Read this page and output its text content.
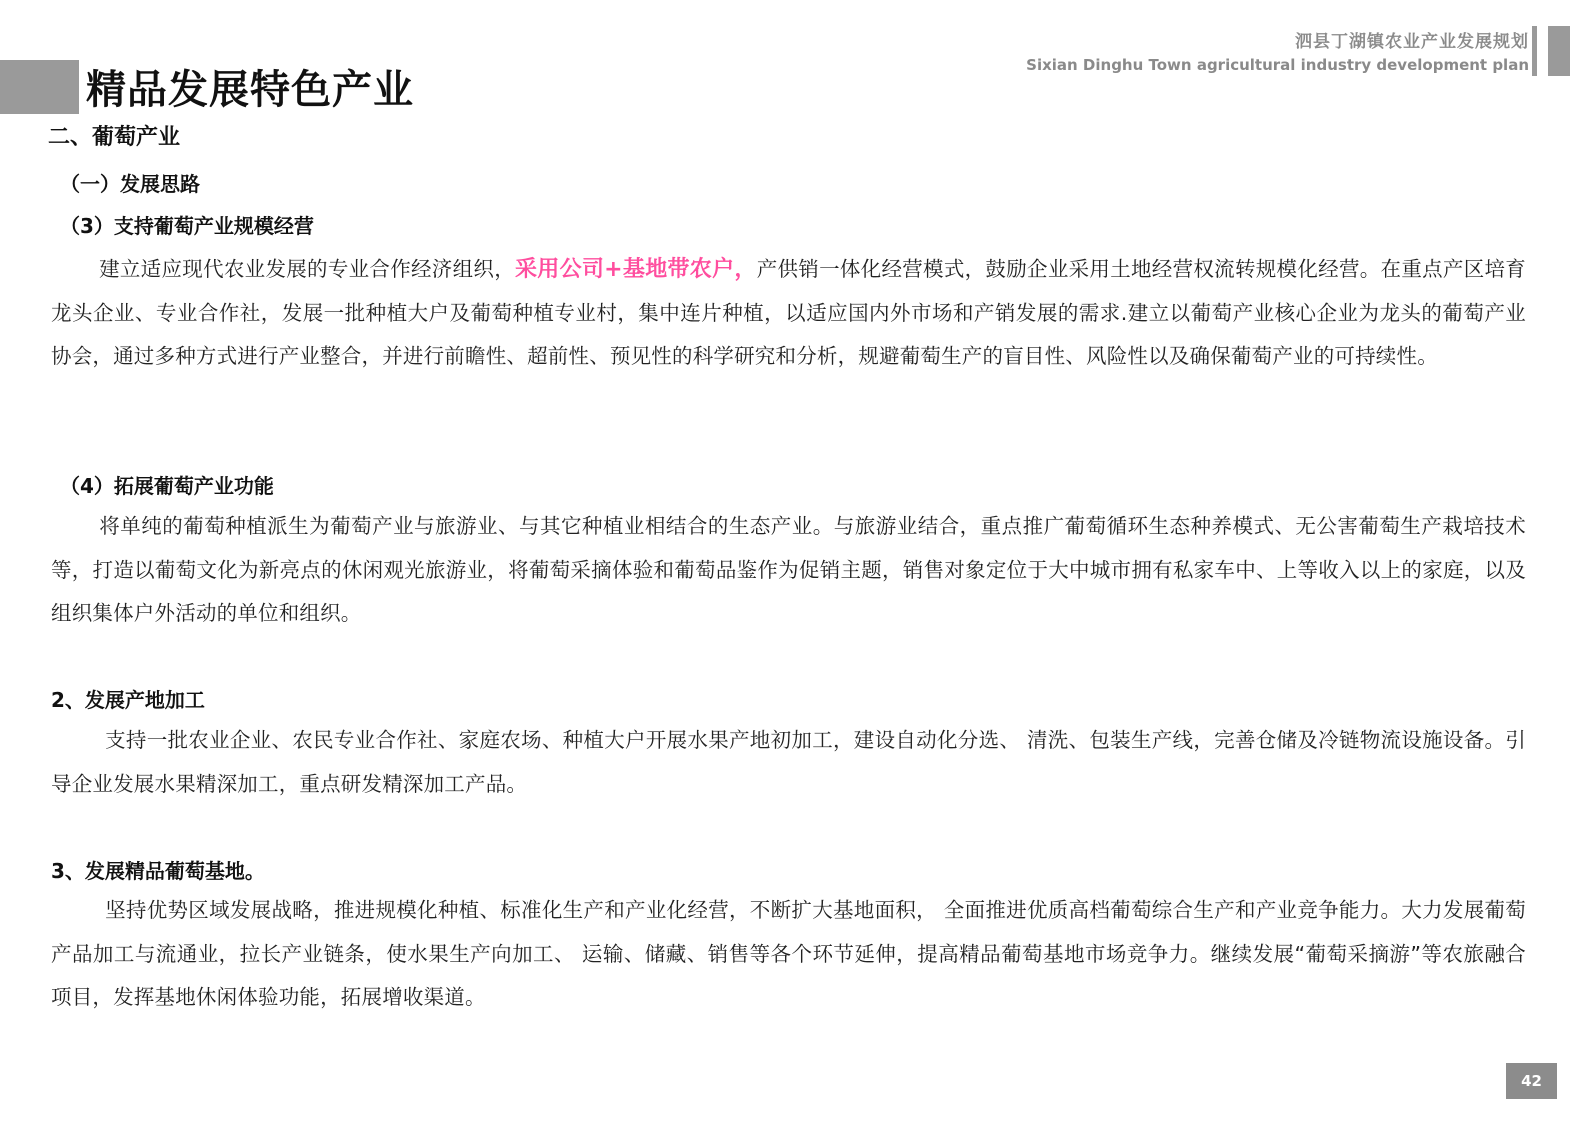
精品发展特色产业
泗县丁湖镇农业产业发展规划
Sixian Dinghu Town agricultural industry development plan
二、葡萄产业
（一）发展思路
（3）支持葡萄产业规模经营
建立适应现代农业发展的专业合作经济组织，采用公司+基地带农户，产供销一体化经营模式，鼓励企业采用土地经营权流转规模化经营。在重点产区培育龙头企业、专业合作社，发展一批种植大户及葡萄种植专业村，集中连片种植，以适应国内外市场和产销发展的需求.建立以葡萄产业核心企业为龙头的葡萄产业协会，通过多种方式进行产业整合，并进行前瞻性、超前性、预见性的科学研究和分析，规避葡萄生产的盲目性、风险性以及确保葡萄产业的可持续性。
（4）拓展葡萄产业功能
将单纯的葡萄种植派生为葡萄产业与旅游业、与其它种植业相结合的生态产业。与旅游业结合，重点推广葡萄循环生态种养模式、无公害葡萄生产栽培技术等，打造以葡萄文化为新亮点的休闲观光旅游业，将葡萄采摘体验和葡萄品鉴作为促销主题，销售对象定位于大中城市拥有私家车中、上等收入以上的家庭，以及组织集体户外活动的单位和组织。
2、发展产地加工
支持一批农业企业、农民专业合作社、家庭农场、种植大户开展水果产地初加工，建设自动化分选、 清洗、包装生产线，完善仓储及冷链物流设施设备。引导企业发展水果精深加工，重点研发精深加工产品。
3、发展精品葡萄基地。
坚持优势区域发展战略，推进规模化种植、标准化生产和产业化经营，不断扩大基地面积， 全面推进优质高档葡萄综合生产和产业竞争能力。大力发展葡萄产品加工与流通业，拉长产业链条，使水果生产向加工、 运输、储藏、销售等各个环节延伸，提高精品葡萄基地市场竞争力。继续发展“葡萄采摘游”等农旅融合项目，发挥基地休闲体验功能，拓展增收渠道。
42
